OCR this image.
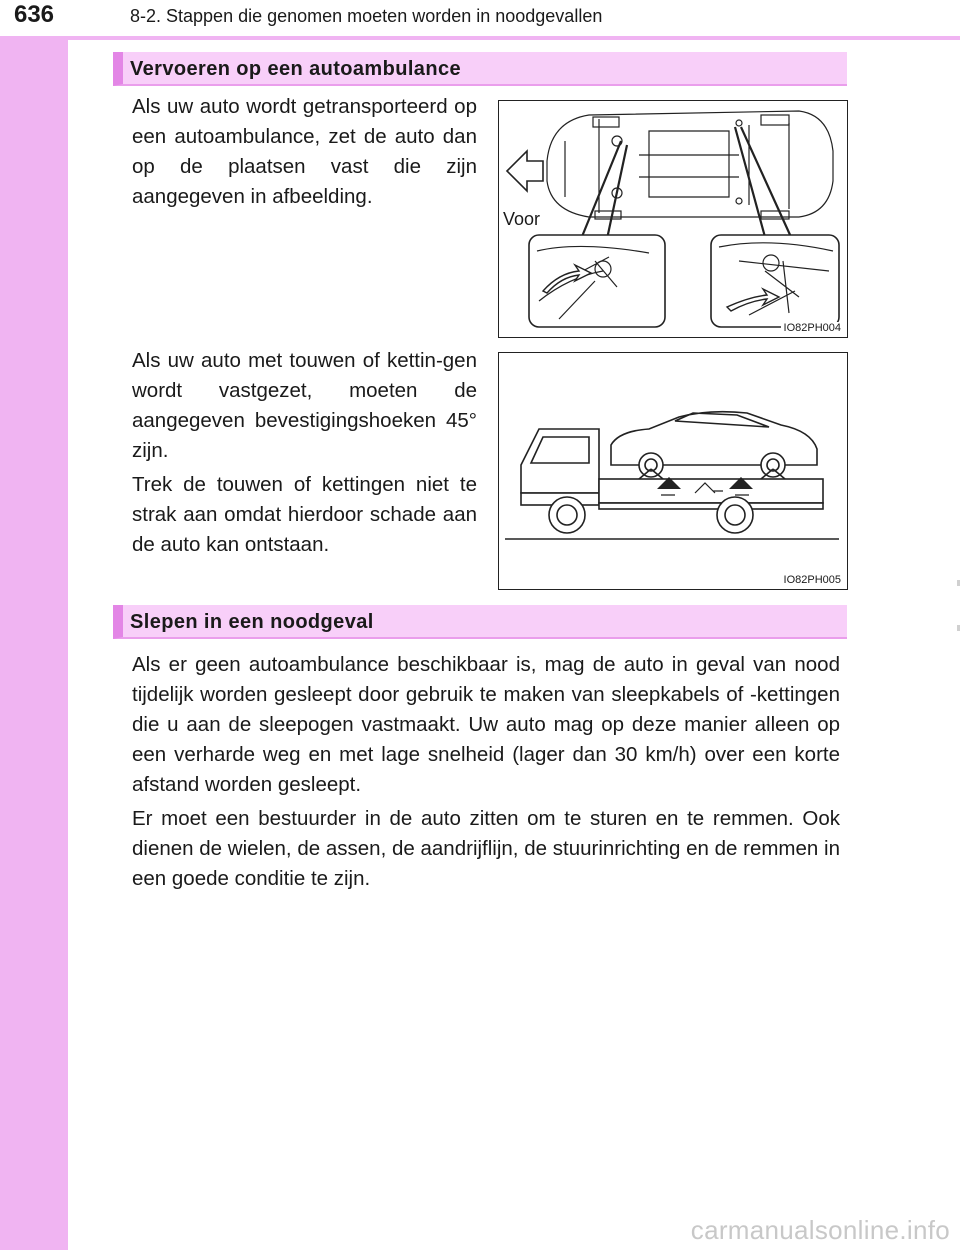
636	8-2. Stappen die genomen moeten worden in noodgevallen
Vervoeren op een autoambulance

Als uw auto wordt getransporteerd op een autoambulance, zet de auto dan op de plaatsen vast die zijn aangegeven in afbeelding.

Voor
IO82PH004

Als uw auto met touwen of kettin-gen wordt vastgezet, moeten de aangegeven bevestigingshoeken 45° zijn.

Trek de touwen of kettingen niet te strak aan omdat hierdoor schade aan de auto kan ontstaan.

IO82PH005
Slepen in een noodgeval

Als er geen autoambulance beschikbaar is, mag de auto in geval van nood tijdelijk worden gesleept door gebruik te maken van sleepkabels of -kettingen die u aan de sleepogen vastmaakt. Uw auto mag op deze manier alleen op een verharde weg en met lage snelheid (lager dan 30 km/h) over een korte afstand worden gesleept.

Er moet een bestuurder in de auto zitten om te sturen en te remmen. Ook dienen de wielen, de assen, de aandrijflijn, de stuurinrichting en de remmen in een goede conditie te zijn.

carmanualsonline.info
